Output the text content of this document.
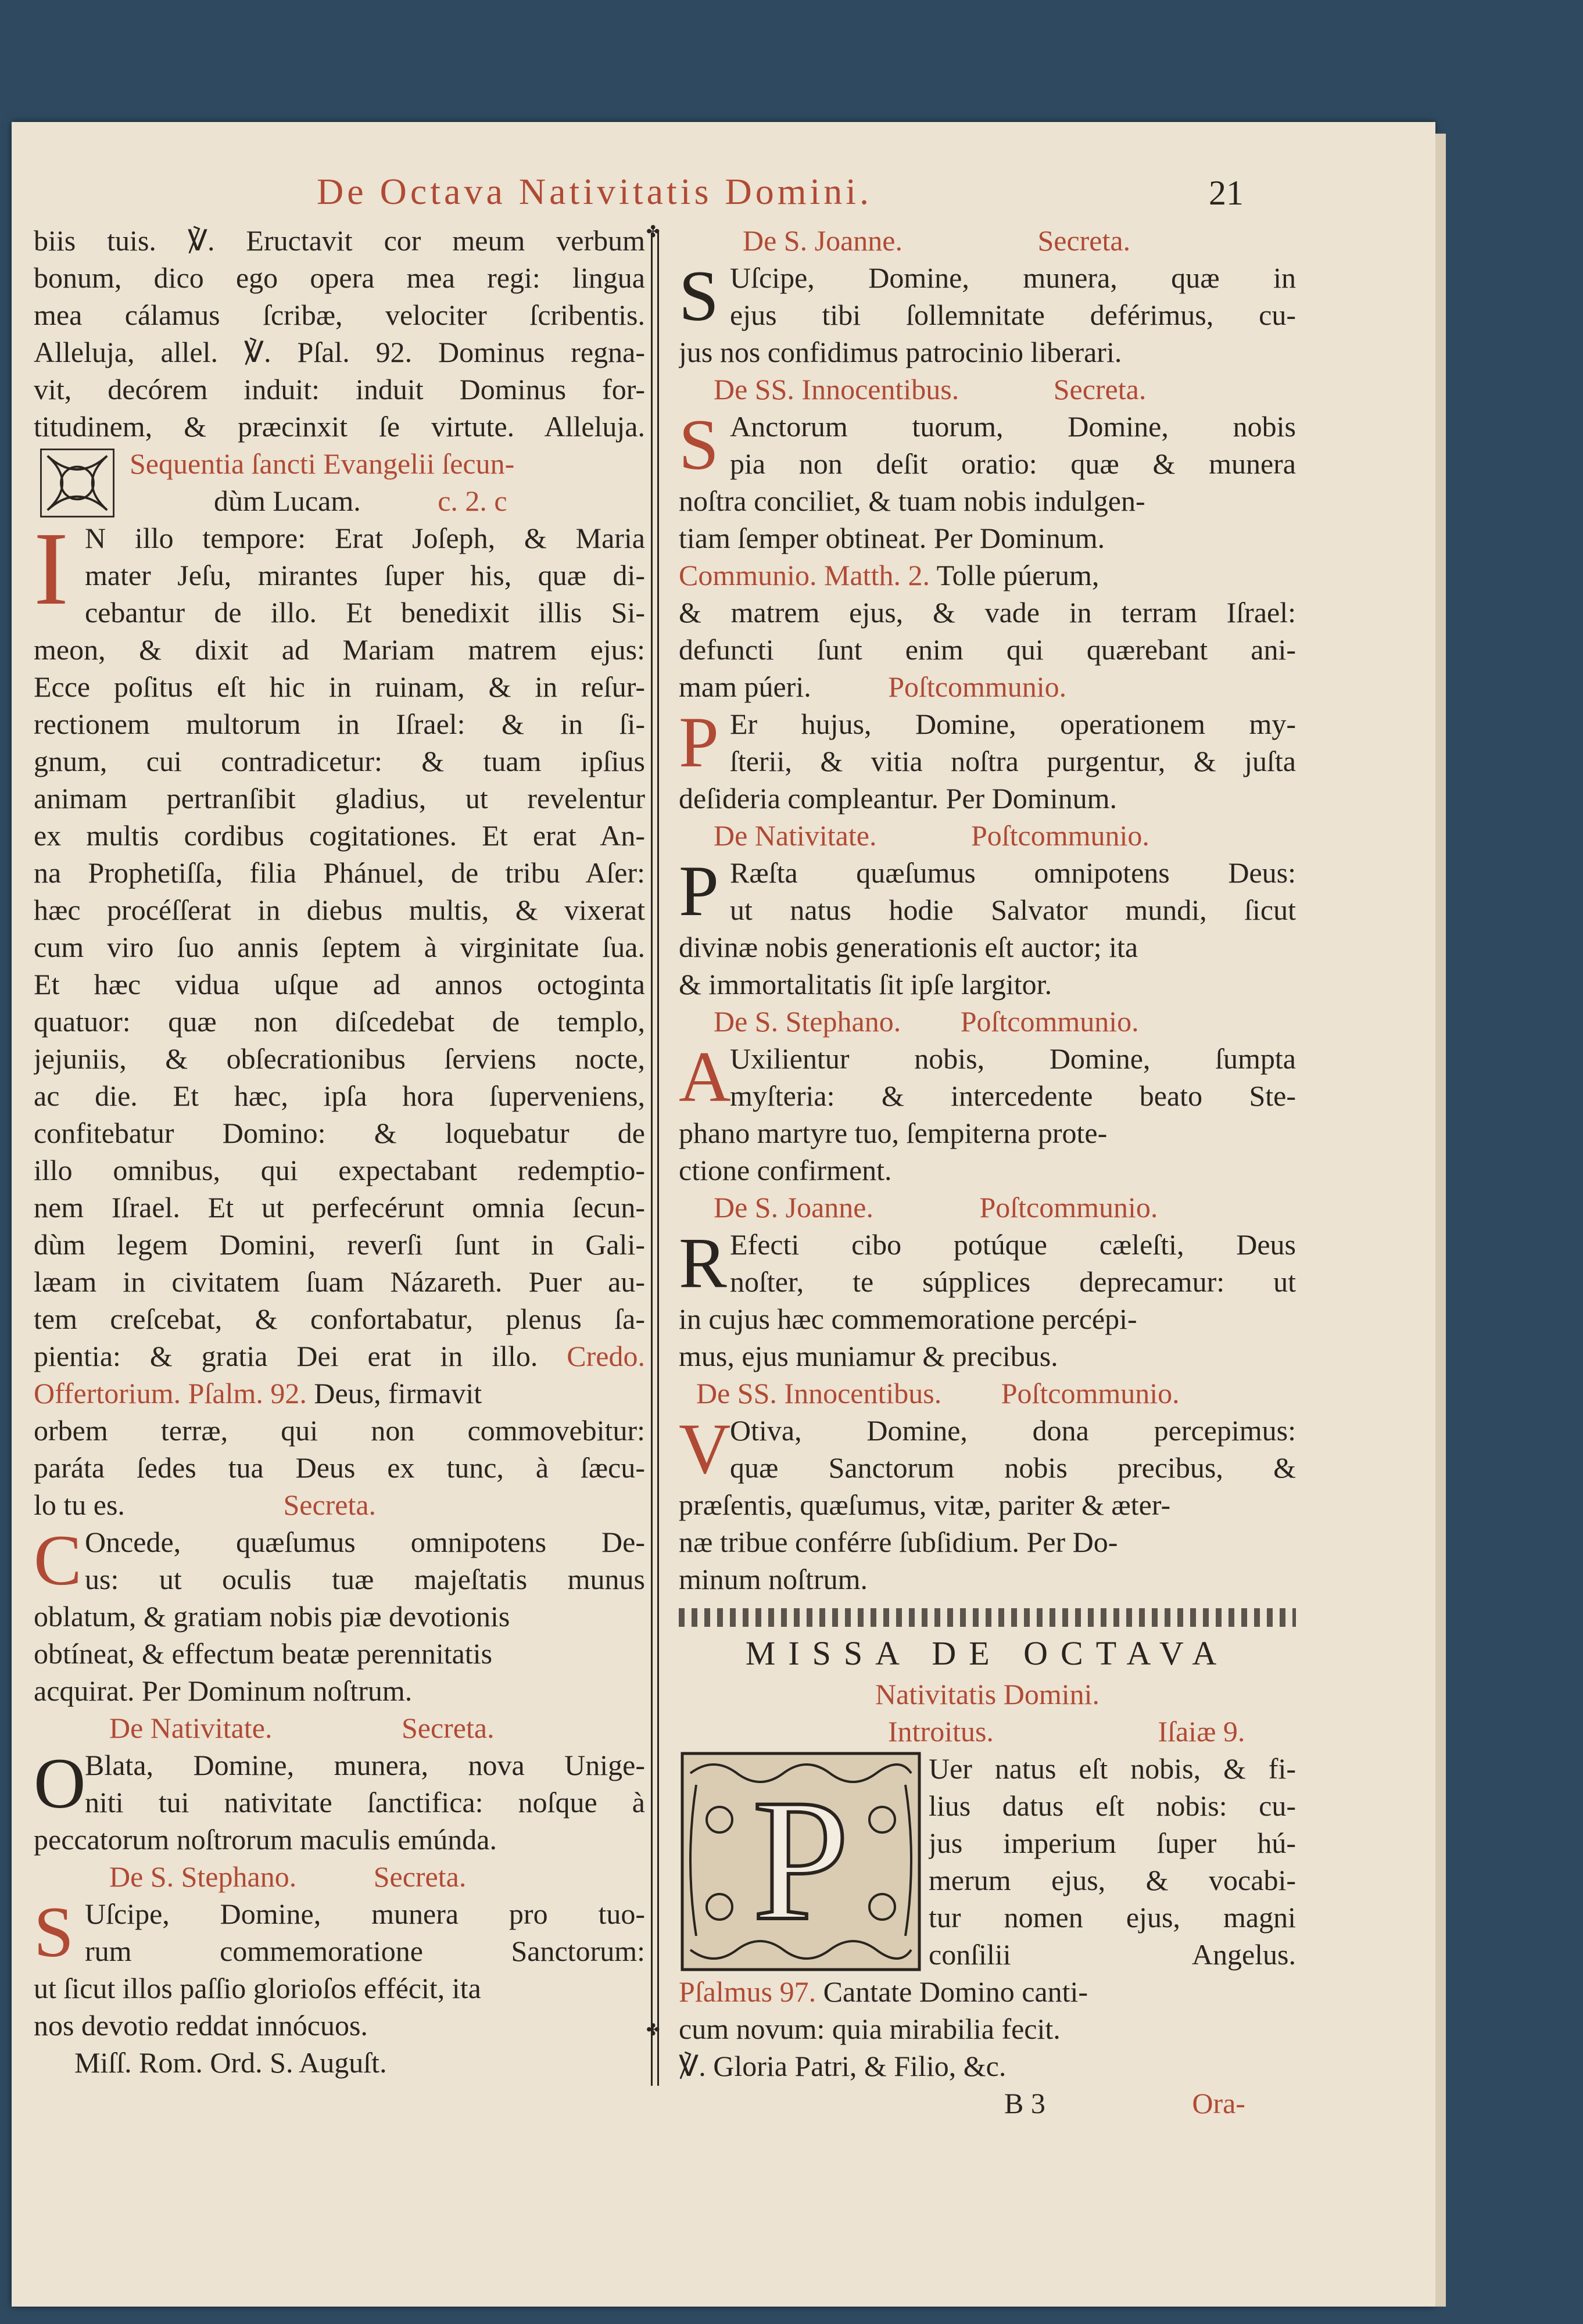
De Octava Nativitatis Domini.	21
✤
✤
biis tuis. ℣. Eructavit cor meum verbum
bonum, dico ego opera mea regi: lingua
mea cálamus ſcribæ, velociter ſcribentis.
Alleluja, allel. ℣. Pſal. 92. Dominus regna-
vit, decórem induit: induit Dominus for-
titudinem, & præcinxit ſe virtute. Alleluja.
Sequentia ſancti Evangelii ſecun-
dùm Lucam.	c. 2. c
I N illo tempore: Erat Joſeph, & Maria
mater Jeſu, mirantes ſuper his, quæ di-
cebantur de illo. Et benedixit illis Si-
meon, & dixit ad Mariam matrem ejus:
Ecce poſitus eſt hic in ruinam, & in reſur-
rectionem multorum in Iſrael: & in ſi-
gnum, cui contradicetur: & tuam ipſius
animam pertranſibit gladius, ut revelentur
ex multis cordibus cogitationes. Et erat An-
na Prophetiſſa, filia Phánuel, de tribu Aſer:
hæc procéſſerat in diebus multis, & vixerat
cum viro ſuo annis ſeptem à virginitate ſua.
Et hæc vidua uſque ad annos octoginta
quatuor: quæ non diſcedebat de templo,
jejuniis, & obſecrationibus ſerviens nocte,
ac die. Et hæc, ipſa hora ſuperveniens,
confitebatur Domino: & loquebatur de
illo omnibus, qui expectabant redemptio-
nem Iſrael. Et ut perfecérunt omnia ſecun-
dùm legem Domini, reverſi ſunt in Gali-
læam in civitatem ſuam Názareth. Puer au-
tem creſcebat, & confortabatur, plenus ſa-
pientia: & gratia Dei erat in illo. Credo.
Offertorium. Pſalm. 92. Deus, firmavit
orbem terræ, qui non commovebitur:
paráta ſedes tua Deus ex tunc, à ſæcu-
lo tu es.	Secreta.
C Oncede, quæſumus omnipotens De-
us: ut oculis tuæ majeſtatis munus
oblatum, & gratiam nobis piæ devotionis
obtíneat, & effectum beatæ perennitatis
acquirat. Per Dominum noſtrum.
De Nativitate.	Secreta.
O
Blata, Domine, munera, nova Unige-
niti tui nativitate ſanctifica: noſque à
peccatorum noſtrorum maculis emúnda.
De S. Stephano.	Secreta.
S Uſcipe, Domine, munera pro tuo-
rum commemoratione Sanctorum:
ut ſicut illos paſſio glorioſos effécit, ita
nos devotio reddat innócuos.
Miſſ. Rom. Ord. S. Auguſt.
De S. Joanne.	Secreta.
S Uſcipe, Domine, munera, quæ in
ejus tibi ſollemnitate deférimus, cu-
jus nos confidimus patrocinio liberari.
De SS. Innocentibus.	Secreta.
S Anctorum tuorum, Domine, nobis
pia non deſit oratio: quæ & munera
noſtra conciliet, & tuam nobis indulgen-
tiam ſemper obtineat. Per Dominum.
Communio. Matth. 2. Tolle púerum,
& matrem ejus, & vade in terram Iſrael:
defuncti ſunt enim qui quærebant ani-
mam púeri.	Poſtcommunio.
P Er hujus, Domine, operationem my-
ſterii, & vitia noſtra purgentur, & juſta
deſideria compleantur. Per Dominum.
De Nativitate.	Poſtcommunio.
P Ræſta quæſumus omnipotens Deus:
ut natus hodie Salvator mundi, ſicut
divinæ nobis generationis eſt auctor; ita
& immortalitatis ſit ipſe largitor.
De S. Stephano. Poſtcommunio.
A
Uxilientur nobis, Domine, ſumpta
myſteria: & intercedente beato Ste-
phano martyre tuo, ſempiterna prote-
ctione confirment.
De S. Joanne.	Poſtcommunio.
R Efecti cibo potúque cæleſti, Deus
noſter, te súpplices deprecamur: ut
in cujus hæc commemoratione percépi-
mus, ejus muniamur & precibus.
De SS. Innocentibus. Poſtcommunio.
V
Otiva, Domine, dona percepimus:
quæ Sanctorum nobis precibus, &
præſentis, quæſumus, vitæ, pariter & æter-
næ tribue conférre ſubſidium. Per Do-
minum noſtrum.
MISSA DE OCTAVA
Nativitatis Domini.
Introitus.	Iſaiæ 9.
P	Uer natus eſt nobis, & fi-
lius datus eſt nobis: cu-
jus imperium ſuper hú-
merum ejus, & vocabi-
tur nomen ejus, magni
conſilii Angelus.
Pſalmus 97. Cantate Domino canti-
cum novum: quia mirabilia fecit.
℣. Gloria Patri, & Filio, &c.
B 3	Ora-
